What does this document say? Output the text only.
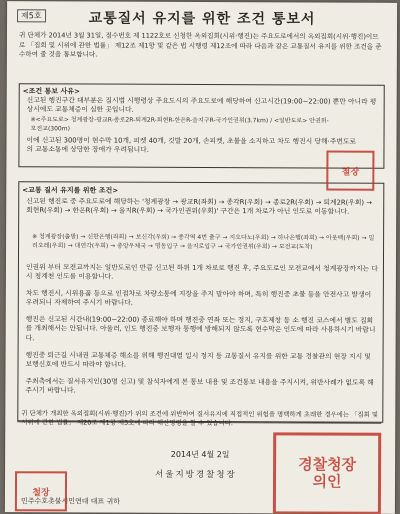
제5호	교통질서 유지를 위한 조건 통보서
귀 단체가 2014년 3월 31일, 접수번호 제 1122호로 신청한 옥외집회(시위·행진)는 주요도로에서의 옥외집회(시위·행진)이므로 「집회 및 시위에 관한 법률」 제12조 제1항 및 같은 법 시행령 제12조에 따라 다음과 같은 교통질서 유지를 위한 조건을 준수하여 줄 것을 통보합니다.
<조건 통보 사유>
신고된 행진구간 대부분은 집시법 시행령상 주요도시의 주요도로에 해당하여 신고시간(19:00~22:00) 뿐만 아니라 평상시에도 교통체증이 심한 곳입니다.
※<주요도로> 청계광장-광교R-종로2R-퇴계2R-회현R-한은R-을지구R-국가인권위(3.7km) / <일반도로> 안권위-모전교(300m)
이에 신고된 300명이 현수막 10개, 피켓 40개, 깃발 20개, 손피켓, 초불을 소지하고 차도 행진시 당해·주변도로의 교통소통에 상당한 장애가 우려됩니다.
<교통 질서 유지를 위한 조건>
신고된 행진로 중 주요도로에 해당하는 '청계광장 → 광교R(좌회) → 종각R(우회) → 종로2R(우회) → 퇴계2R(우회) → 회현R(우회) → 한은R(우회) → 을지R(우회) → 국가인권위(우회)' 구간은 1개 차로가 아닌 인도로 이동합니다.
※ 청계광장(출발) → 신한은행(좌회) → 보신각(우회) → 종각역 4번 출구 → 지오다노(우회) → 하나은행(좌회) → 아웃백(우회) → 밀리오레(우회) → 대연각(우회) → 중앙우체국 → 명동입구 → 을지로입구 → 국가인권위(우회) → 모전교(도착)
인권위 부터 모전교까지는 일반도로인 만큼 신고된 하위 1개 차로로 행진 후, 주요도로인 모전교에서 청계광장까지는 다시 청계천 인도를 이용합니다.
차도 행진시, 시위용품 등으로 인접차로 차량소통에 지장을 주지 말아야 하며, 특히 행진중 초불 등을 안전사고 발생이 우려되니 자제하여 주시기 바랍니다.
행진은 신고된 시간내(19:00~22:00) 종료해야 하며 행진중 연좌 또는 정지, 구호제창 등 소 행진 코스에서 별도 집회를 개최해서는 안됩니다. 아울러, 인도 행진중 보행자 통행에 방해되지 않도록 현수막은 인도에 따라 사용하시기 바랍니다.
행진중 퇴근길 시내권 교통체증 해소를 위해 행진대열 일시 정지 등 교통질서 유지를 위한 교통 경찰관의 현장 지시 및 보행신호에 반드시 따라야 합니다.
주최측에서는 질서유지인(30명 신고) 및 참석자에게 본 통보 내용 및 조건통보 내용을 주지시켜, 위반사례가 없도록 해 주시기 바랍니다.
귀 단체가 개최한 옥외집회(시위·행진)가 위의 조건에 위반하여 질서유지에 직접적인 위험을 명백하게 초래한 경우에는 「집회 및 시위에 관한 법률」 제20조 제1항 제3호에 따라 해산명령을 할 수 있습니다.
2014년 4월 2일
서울지방경찰청장
민주수호촛불시민연대 대표 귀하
철장
경찰청장의인
철장
